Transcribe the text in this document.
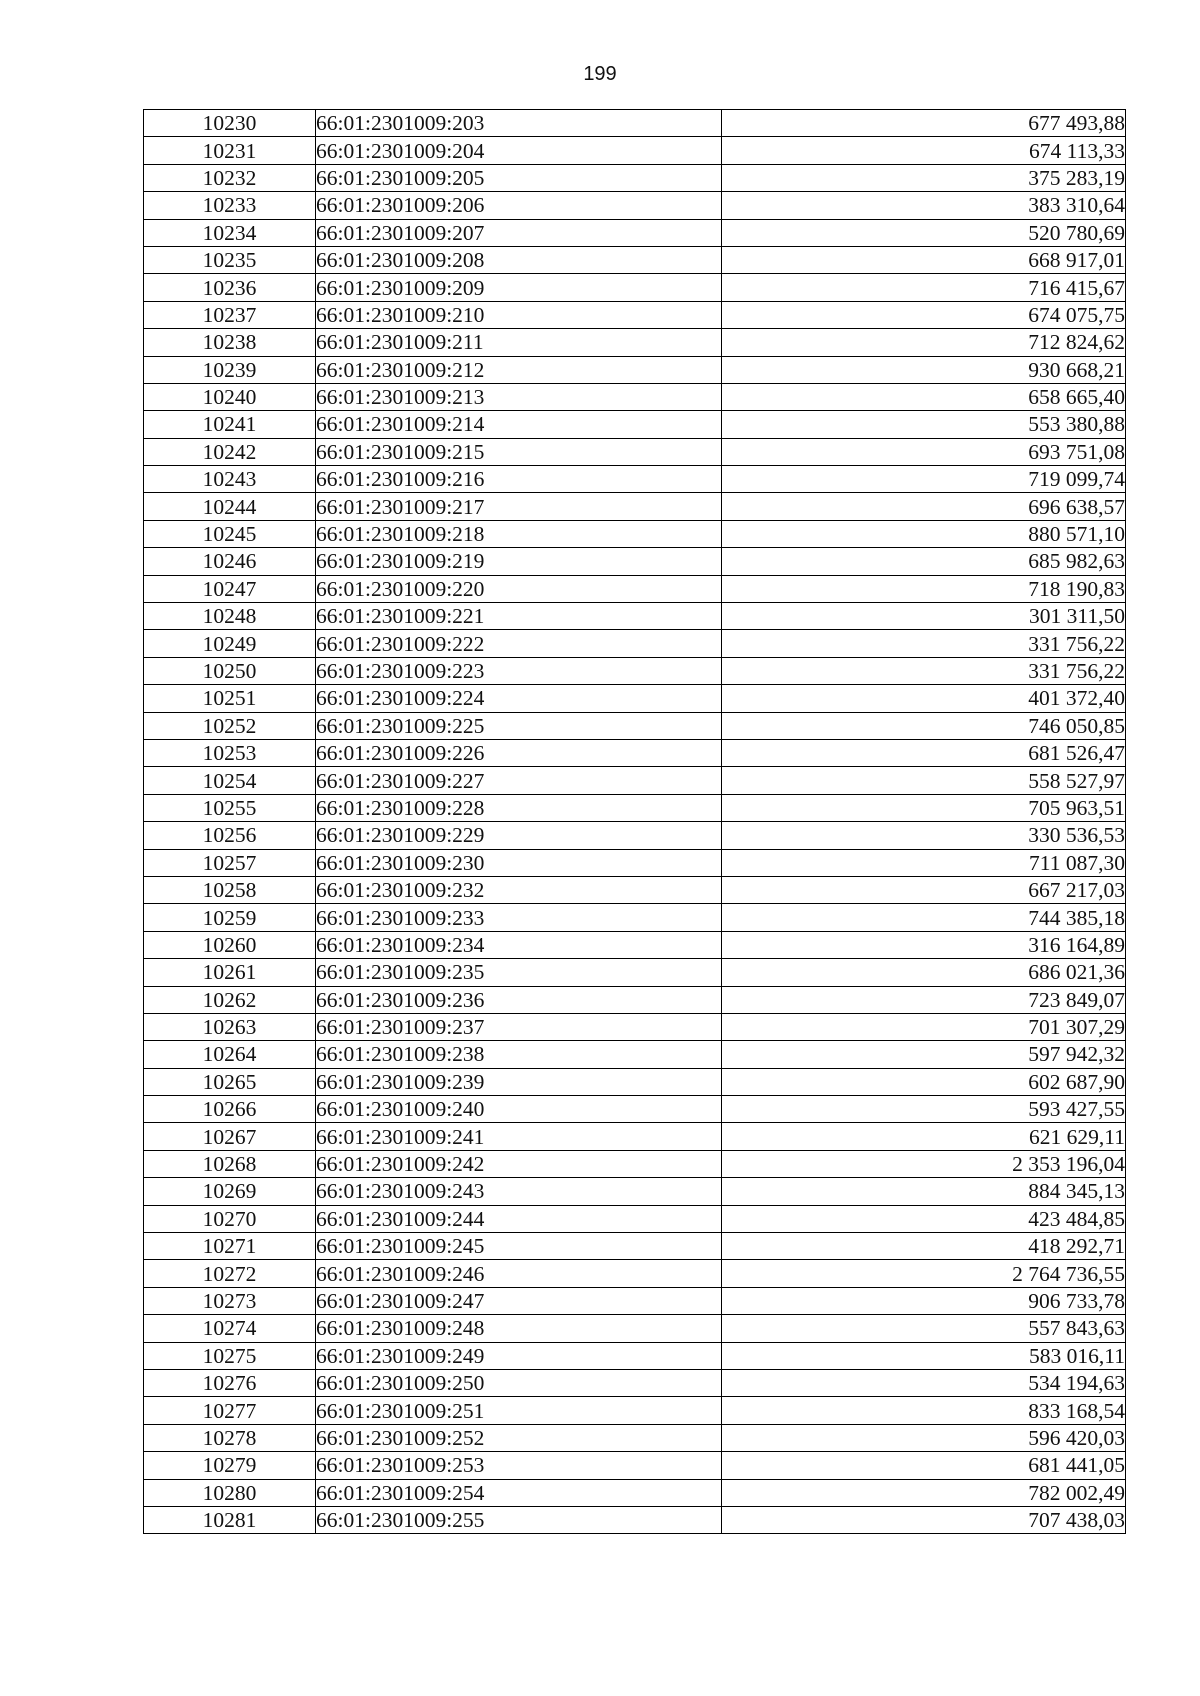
199
10230	66:01:2301009:203	677 493,88
10231	66:01:2301009:204	674 113,33
10232	66:01:2301009:205	375 283,19
10233	66:01:2301009:206	383 310,64
10234	66:01:2301009:207	520 780,69
10235	66:01:2301009:208	668 917,01
10236	66:01:2301009:209	716 415,67
10237	66:01:2301009:210	674 075,75
10238	66:01:2301009:211	712 824,62
10239	66:01:2301009:212	930 668,21
10240	66:01:2301009:213	658 665,40
10241	66:01:2301009:214	553 380,88
10242	66:01:2301009:215	693 751,08
10243	66:01:2301009:216	719 099,74
10244	66:01:2301009:217	696 638,57
10245	66:01:2301009:218	880 571,10
10246	66:01:2301009:219	685 982,63
10247	66:01:2301009:220	718 190,83
10248	66:01:2301009:221	301 311,50
10249	66:01:2301009:222	331 756,22
10250	66:01:2301009:223	331 756,22
10251	66:01:2301009:224	401 372,40
10252	66:01:2301009:225	746 050,85
10253	66:01:2301009:226	681 526,47
10254	66:01:2301009:227	558 527,97
10255	66:01:2301009:228	705 963,51
10256	66:01:2301009:229	330 536,53
10257	66:01:2301009:230	711 087,30
10258	66:01:2301009:232	667 217,03
10259	66:01:2301009:233	744 385,18
10260	66:01:2301009:234	316 164,89
10261	66:01:2301009:235	686 021,36
10262	66:01:2301009:236	723 849,07
10263	66:01:2301009:237	701 307,29
10264	66:01:2301009:238	597 942,32
10265	66:01:2301009:239	602 687,90
10266	66:01:2301009:240	593 427,55
10267	66:01:2301009:241	621 629,11
10268	66:01:2301009:242	2 353 196,04
10269	66:01:2301009:243	884 345,13
10270	66:01:2301009:244	423 484,85
10271	66:01:2301009:245	418 292,71
10272	66:01:2301009:246	2 764 736,55
10273	66:01:2301009:247	906 733,78
10274	66:01:2301009:248	557 843,63
10275	66:01:2301009:249	583 016,11
10276	66:01:2301009:250	534 194,63
10277	66:01:2301009:251	833 168,54
10278	66:01:2301009:252	596 420,03
10279	66:01:2301009:253	681 441,05
10280	66:01:2301009:254	782 002,49
10281	66:01:2301009:255	707 438,03
